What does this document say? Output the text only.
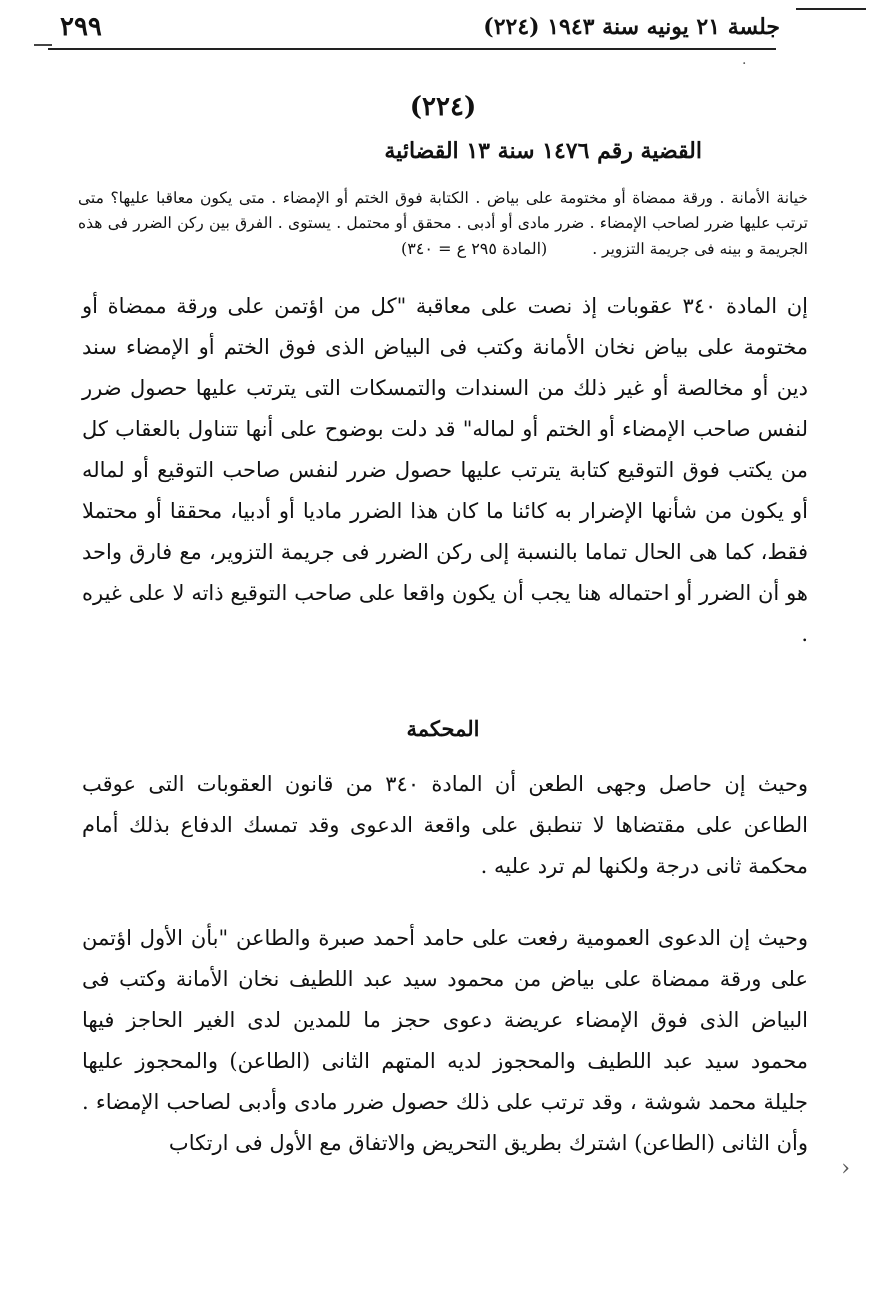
٢٩٩	جلسة ٢١ يونيه سنة ١٩٤٣ (٢٢٤)
·
(٢٢٤)
القضية رقم ١٤٧٦ سنة ١٣ القضائية
خيانة الأمانة . ورقة ممضاة أو مختومة على بياض . الكتابة فوق الختم أو الإمضاء . متى يكون معاقبا عليها؟ متى ترتب عليها ضرر لصاحب الإمضاء . ضرر مادى أو أدبى . محقق أو محتمل . يستوى . الفرق بين ركن الضرر فى هذه الجريمة و بينه فى جريمة التزوير . (المادة ٢٩٥ ع = ٣٤٠)
إن المادة ٣٤٠ عقوبات إذ نصت على معاقبة "كل من اؤتمن على ورقة ممضاة أو مختومة على بياض نخان الأمانة وكتب فى البياض الذى فوق الختم أو الإمضاء سند دين أو مخالصة أو غير ذلك من السندات والتمسكات التى يترتب عليها حصول ضرر لنفس صاحب الإمضاء أو الختم أو لماله" قد دلت بوضوح على أنها تتناول بالعقاب كل من يكتب فوق التوقيع كتابة يترتب عليها حصول ضرر لنفس صاحب التوقيع أو لماله أو يكون من شأنها الإضرار به كائنا ما كان هذا الضرر ماديا أو أدبيا، محققا أو محتملا فقط، كما هى الحال تماما بالنسبة إلى ركن الضرر فى جريمة التزوير، مع فارق واحد هو أن الضرر أو احتماله هنا يجب أن يكون واقعا على صاحب التوقيع ذاته لا على غيره .
المحكمة
وحيث إن حاصل وجهى الطعن أن المادة ٣٤٠ من قانون العقوبات التى عوقب الطاعن على مقتضاها لا تنطبق على واقعة الدعوى وقد تمسك الدفاع بذلك أمام محكمة ثانى درجة ولكنها لم ترد عليه .
وحيث إن الدعوى العمومية رفعت على حامد أحمد صبرة والطاعن "بأن الأول اؤتمن على ورقة ممضاة على بياض من محمود سيد عبد اللطيف نخان الأمانة وكتب فى البياض الذى فوق الإمضاء عريضة دعوى حجز ما للمدين لدى الغير الحاجز فيها محمود سيد عبد اللطيف والمحجوز لديه المتهم الثانى (الطاعن) والمحجوز عليها جليلة محمد شوشة ، وقد ترتب على ذلك حصول ضرر مادى وأدبى لصاحب الإمضاء . وأن الثانى (الطاعن) اشترك بطريق التحريض والاتفاق مع الأول فى ارتكاب
›
